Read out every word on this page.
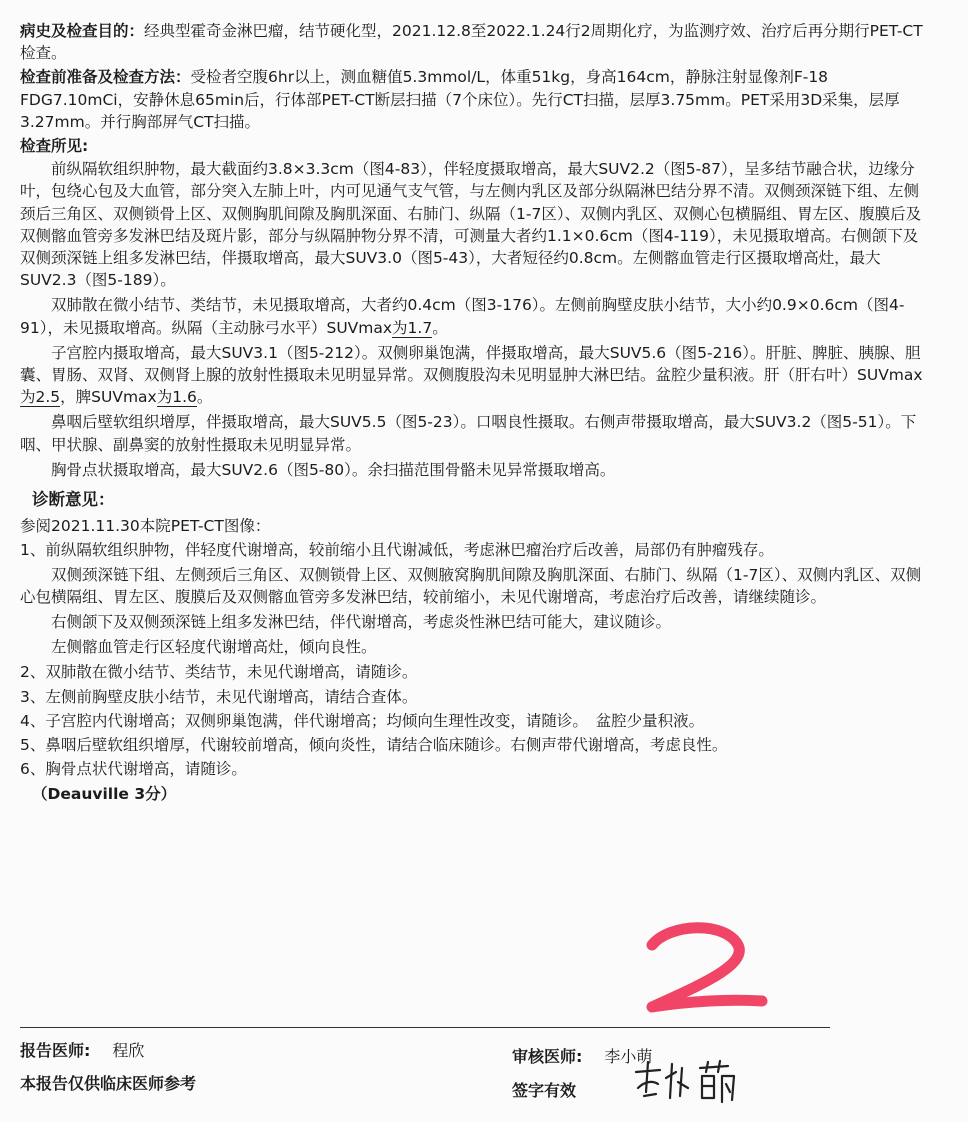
病史及检查目的：经典型霍奇金淋巴瘤，结节硬化型，2021.12.8至2022.1.24行2周期化疗，为监测疗效、治疗后再分期行PET-CT检查。
检查前准备及检查方法：受检者空腹6hr以上，测血糖值5.3mmol/L，体重51kg，身高164cm，静脉注射显像剂F-18 FDG7.10mCi，安静休息65min后，行体部PET-CT断层扫描（7个床位）。先行CT扫描，层厚3.75mm。PET采用3D采集，层厚3.27mm。并行胸部屏气CT扫描。
检查所见:
前纵隔软组织肿物，最大截面约3.8×3.3cm（图4-83），伴轻度摄取增高，最大SUV2.2（图5-87），呈多结节融合状，边缘分叶，包绕心包及大血管，部分突入左肺上叶，内可见通气支气管，与左侧内乳区及部分纵隔淋巴结分界不清。双侧颈深链下组、左侧颈后三角区、双侧锁骨上区、双侧胸肌间隙及胸肌深面、右肺门、纵隔（1-7区）、双侧内乳区、双侧心包横膈组、胃左区、腹膜后及双侧髂血管旁多发淋巴结及斑片影，部分与纵隔肿物分界不清，可测量大者约1.1×0.6cm（图4-119），未见摄取增高。右侧颌下及双侧颈深链上组多发淋巴结，伴摄取增高，最大SUV3.0（图5-43），大者短径约0.8cm。左侧髂血管走行区摄取增高灶，最大SUV2.3（图5-189）。
双肺散在微小结节、类结节，未见摄取增高，大者约0.4cm（图3-176）。左侧前胸壁皮肤小结节，大小约0.9×0.6cm（图4-91），未见摄取增高。纵隔（主动脉弓水平）SUVmax为1.7。
子宫腔内摄取增高，最大SUV3.1（图5-212）。双侧卵巢饱满，伴摄取增高，最大SUV5.6（图5-216）。肝脏、脾脏、胰腺、胆囊、胃肠、双肾、双侧肾上腺的放射性摄取未见明显异常。双侧腹股沟未见明显肿大淋巴结。盆腔少量积液。肝（肝右叶）SUVmax为2.5，脾SUVmax为1.6。
鼻咽后壁软组织增厚，伴摄取增高，最大SUV5.5（图5-23）。口咽良性摄取。右侧声带摄取增高，最大SUV3.2（图5-51）。下咽、甲状腺、副鼻窦的放射性摄取未见明显异常。
胸骨点状摄取增高，最大SUV2.6（图5-80）。余扫描范围骨骼未见异常摄取增高。
诊断意见：
参阅2021.11.30本院PET-CT图像：
1、前纵隔软组织肿物，伴轻度代谢增高，较前缩小且代谢减低，考虑淋巴瘤治疗后改善，局部仍有肿瘤残存。
双侧颈深链下组、左侧颈后三角区、双侧锁骨上区、双侧腋窝胸肌间隙及胸肌深面、右肺门、纵隔（1-7区）、双侧内乳区、双侧心包横隔组、胃左区、腹膜后及双侧髂血管旁多发淋巴结，较前缩小，未见代谢增高，考虑治疗后改善，请继续随诊。
右侧颌下及双侧颈深链上组多发淋巴结，伴代谢增高，考虑炎性淋巴结可能大，建议随诊。
左侧髂血管走行区轻度代谢增高灶，倾向良性。
2、双肺散在微小结节、类结节，未见代谢增高，请随诊。
3、左侧前胸壁皮肤小结节，未见代谢增高，请结合查体。
4、子宫腔内代谢增高；双侧卵巢饱满，伴代谢增高；均倾向生理性改变，请随诊。　盆腔少量积液。
5、鼻咽后壁软组织增厚，代谢较前增高，倾向炎性，请结合临床随诊。右侧声带代谢增高，考虑良性。
6、胸骨点状代谢增高，请随诊。
（Deauville 3分）
报告医师: 程欣
本报告仅供临床医师参考
审核医师: 李小萌
签字有效
